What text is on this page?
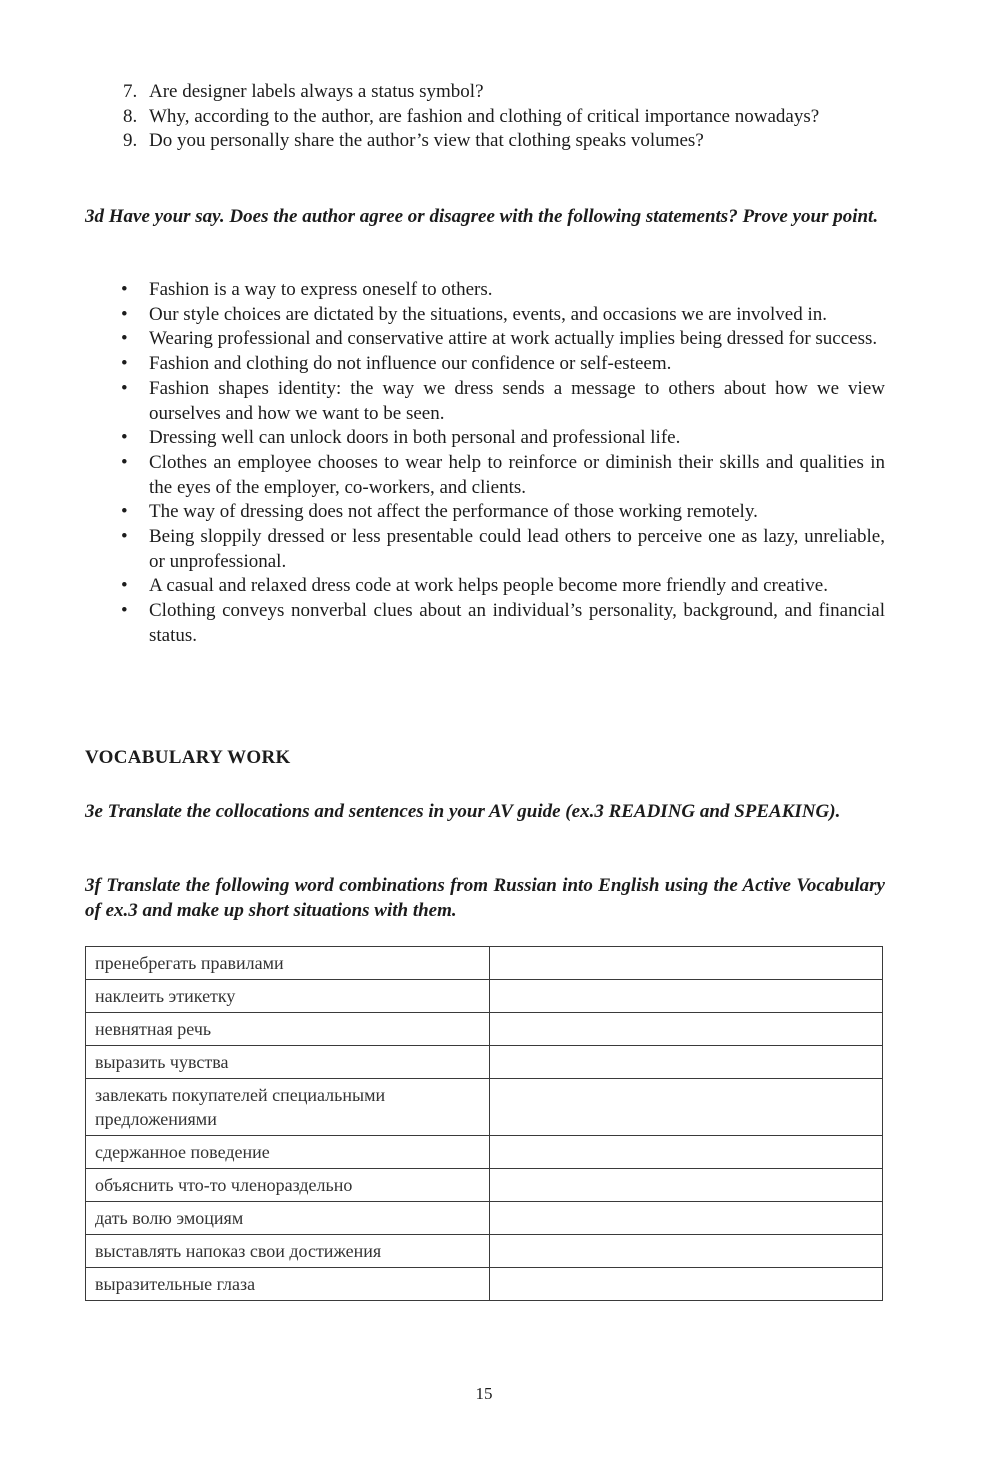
7. Are designer labels always a status symbol?
8. Why, according to the author, are fashion and clothing of critical importance nowadays?
9. Do you personally share the author’s view that clothing speaks volumes?

3d Have your say. Does the author agree or disagree with the following statements? Prove your point.

• Fashion is a way to express oneself to others.
• Our style choices are dictated by the situations, events, and occasions we are involved in.
• Wearing professional and conservative attire at work actually implies being dressed for success.
• Fashion and clothing do not influence our confidence or self-esteem.
• Fashion shapes identity: the way we dress sends a message to others about how we view ourselves and how we want to be seen.
• Dressing well can unlock doors in both personal and professional life.
• Clothes an employee chooses to wear help to reinforce or diminish their skills and qualities in the eyes of the employer, co-workers, and clients.
• The way of dressing does not affect the performance of those working remotely.
• Being sloppily dressed or less presentable could lead others to perceive one as lazy, unreliable, or unprofessional.
• A casual and relaxed dress code at work helps people become more friendly and creative.
• Clothing conveys nonverbal clues about an individual’s personality, background, and financial status.
VOCABULARY WORK

3e Translate the collocations and sentences in your AV guide (ex.3 READING and SPEAKING).

3f Translate the following word combinations from Russian into English using the Active Vocabulary of ex.3 and make up short situations with them.

пренебрегать правилами	
наклеить этикетку	
невнятная речь	
выразить чувства	
завлекать покупателей специальными предложениями	
сдержанное поведение	
объяснить что-то членораздельно	
дать волю эмоциям	
выставлять напоказ свои достижения	
выразительные глаза	

15
